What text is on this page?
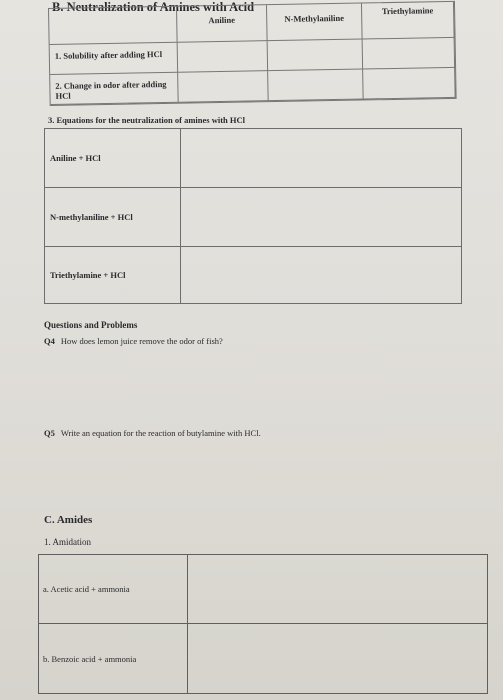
B. Neutralization of Amines with Acid
Aniline	N-Methylaniline
Triethylamine
1. Solubility after adding HCl
2. Change in odor after adding HCl
3. Equations for the neutralization of amines with HCl
Aniline + HCl
N-methylaniline + HCl
Triethylamine + HCl
Questions and Problems
Q4 How does lemon juice remove the odor of fish?
Q5 Write an equation for the reaction of butylamine with HCl.
C. Amides
1. Amidation
a. Acetic acid + ammonia
b. Benzoic acid + ammonia
